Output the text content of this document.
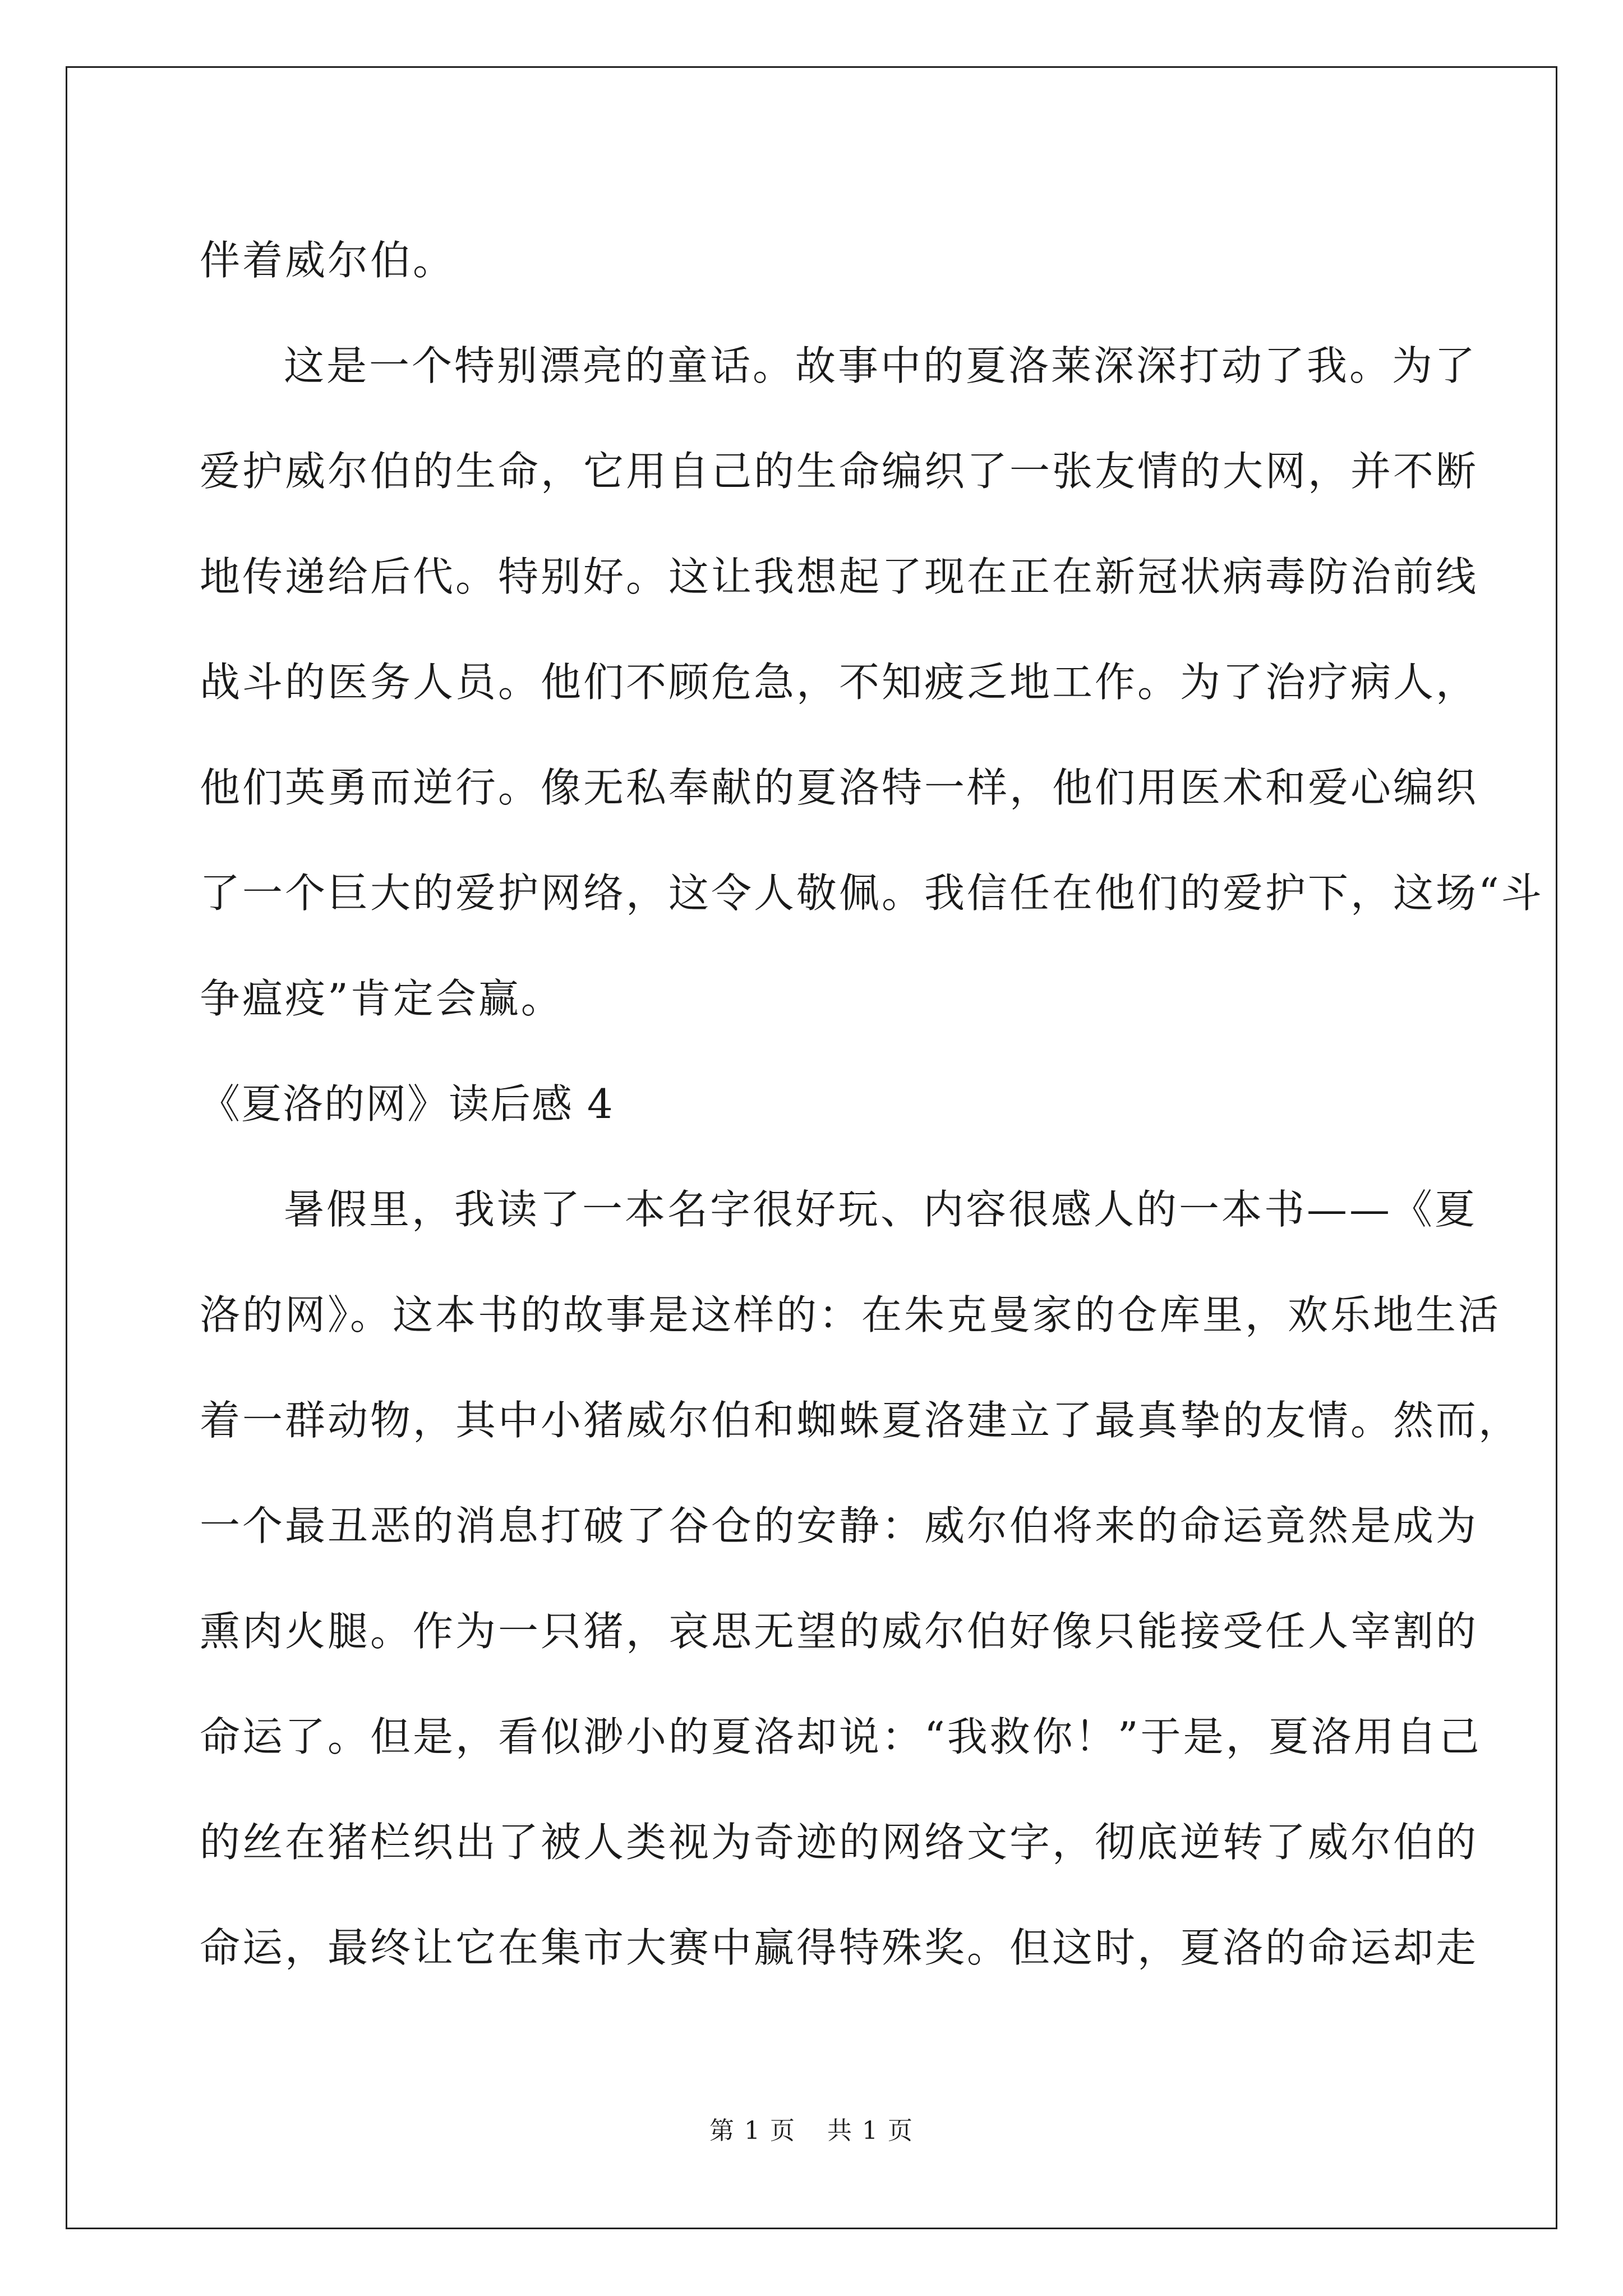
伴着威尔伯。
这是一个特别漂亮的童话。故事中的夏洛莱深深打动了我。为了
爱护威尔伯的生命，它用自己的生命编织了一张友情的大网，并不断
地传递给后代。特别好。这让我想起了现在正在新冠状病毒防治前线
战斗的医务人员。他们不顾危急，不知疲乏地工作。为了治疗病人，
他们英勇而逆行。像无私奉献的夏洛特一样，他们用医术和爱心编织
了一个巨大的爱护网络，这令人敬佩。我信任在他们的爱护下，这场“斗
争瘟疫”肯定会赢。
《夏洛的网》读后感 4
暑假里，我读了一本名字很好玩、内容很感人的一本书——《夏
洛的网》。这本书的故事是这样的：在朱克曼家的仓库里，欢乐地生活
着一群动物，其中小猪威尔伯和蜘蛛夏洛建立了最真挚的友情。然而，
一个最丑恶的消息打破了谷仓的安静：威尔伯将来的命运竟然是成为
熏肉火腿。作为一只猪，哀思无望的威尔伯好像只能接受任人宰割的
命运了。但是，看似渺小的夏洛却说：“我救你！”于是，夏洛用自己
的丝在猪栏织出了被人类视为奇迹的网络文字，彻底逆转了威尔伯的
命运，最终让它在集市大赛中赢得特殊奖。但这时，夏洛的命运却走
第 1 页 共 1 页
